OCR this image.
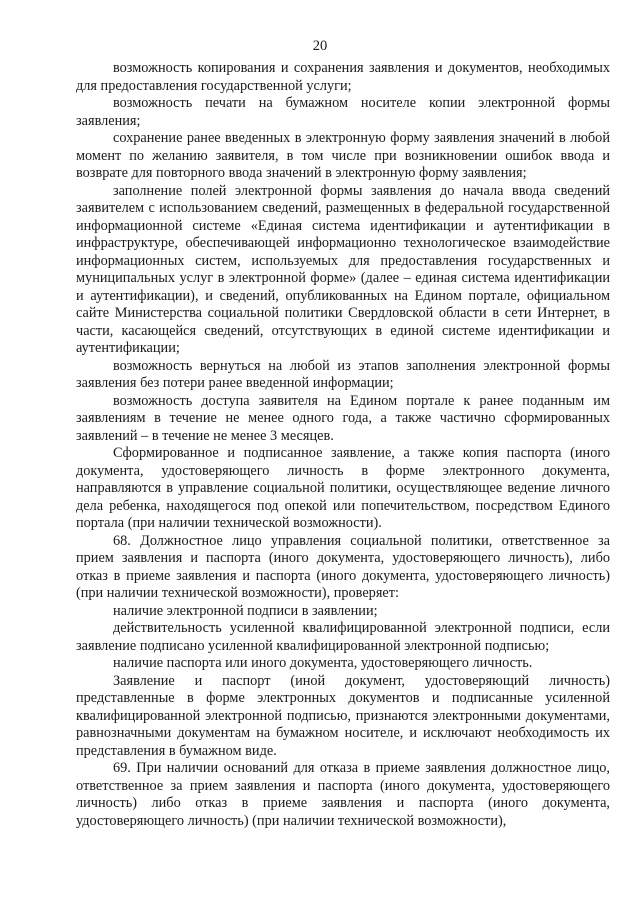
20

возможность копирования и сохранения заявления и документов, необходимых для предоставления государственной услуги;

возможность печати на бумажном носителе копии электронной формы заявления;

сохранение ранее введенных в электронную форму заявления значений в любой момент по желанию заявителя, в том числе при возникновении ошибок ввода и возврате для повторного ввода значений в электронную форму заявления;

заполнение полей электронной формы заявления до начала ввода сведений заявителем с использованием сведений, размещенных в федеральной государственной информационной системе «Единая система идентификации и аутентификации в инфраструктуре, обеспечивающей информационно технологическое взаимодействие информационных систем, используемых для предоставления государственных и муниципальных услуг в электронной форме» (далее – единая система идентификации и аутентификации), и сведений, опубликованных на Едином портале, официальном сайте Министерства социальной политики Свердловской области в сети Интернет, в части, касающейся сведений, отсутствующих в единой системе идентификации и аутентификации;

возможность вернуться на любой из этапов заполнения электронной формы заявления без потери ранее введенной информации;

возможность доступа заявителя на Едином портале к ранее поданным им заявлениям в течение не менее одного года, а также частично сформированных заявлений – в течение не менее 3 месяцев.

Сформированное и подписанное заявление, а также копия паспорта (иного документа, удостоверяющего личность в форме электронного документа, направляются в управление социальной политики, осуществляющее ведение личного дела ребенка, находящегося под опекой или попечительством, посредством Единого портала (при наличии технической возможности).

68. Должностное лицо управления социальной политики, ответственное за прием заявления и паспорта (иного документа, удостоверяющего личность), либо отказ в приеме заявления и паспорта (иного документа, удостоверяющего личность) (при наличии технической возможности), проверяет:

наличие электронной подписи в заявлении;

действительность усиленной квалифицированной электронной подписи, если заявление подписано усиленной квалифицированной электронной подписью;

наличие паспорта или иного документа, удостоверяющего личность.

Заявление и паспорт (иной документ, удостоверяющий личность) представленные в форме электронных документов и подписанные усиленной квалифицированной электронной подписью, признаются электронными документами, равнозначными документам на бумажном носителе, и исключают необходимость их представления в бумажном виде.

69. При наличии оснований для отказа в приеме заявления должностное лицо, ответственное за прием заявления и паспорта (иного документа, удостоверяющего личность) либо отказ в приеме заявления и паспорта (иного документа, удостоверяющего личность) (при наличии технической возможности),
